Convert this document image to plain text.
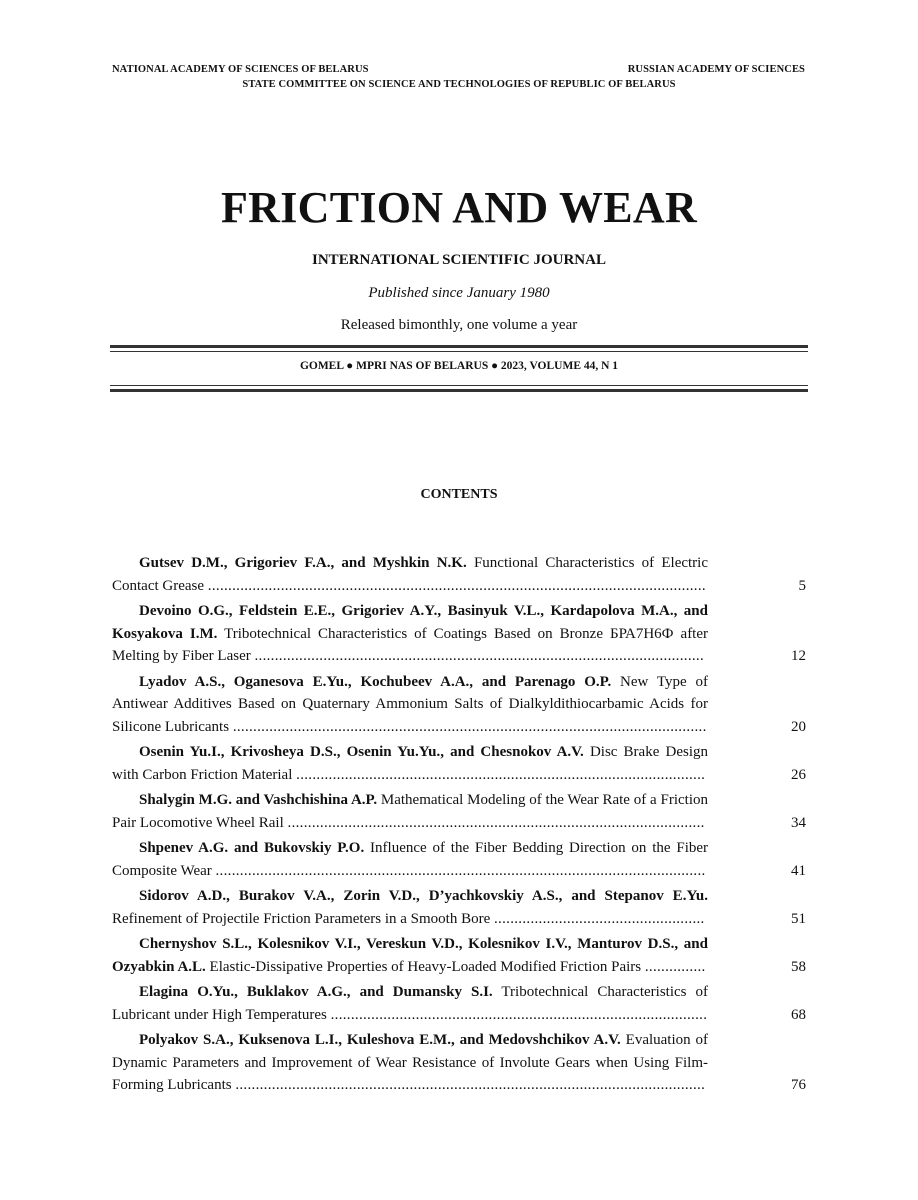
NATIONAL ACADEMY OF SCIENCES OF BELARUS	RUSSIAN ACADEMY OF SCIENCES
STATE COMMITTEE ON SCIENCE AND TECHNOLOGIES OF REPUBLIC OF BELARUS
FRICTION AND WEAR
INTERNATIONAL SCIENTIFIC JOURNAL
Published since January 1980
Released bimonthly, one volume a year
GOMEL ● MPRI NAS OF BELARUS ● 2023, VOLUME 44, N 1
CONTENTS
Gutsev D.M., Grigoriev F.A., and Myshkin N.K. Functional Characteristics of Electric Contact Grease ...........................................................................................................................	5
Devoino O.G., Feldstein E.E., Grigoriev A.Y., Basinyuk V.L., Kardapolova M.A., and Kosyakova I.M. Tribotechnical Characteristics of Coatings Based on Bronze БРА7Н6Ф after Melting by Fiber Laser ...............................................................................................................	12
Lyadov A.S., Oganesova E.Yu., Kochubeev A.A., and Parenago O.P. New Type of Antiwear Additives Based on Quaternary Ammonium Salts of Dialkyldithiocarbamic Acids for Silicone Lubricants .....................................................................................................................	20
Osenin Yu.I., Krivosheya D.S., Osenin Yu.Yu., and Chesnokov A.V. Disc Brake Design with Carbon Friction Material .....................................................................................................	26
Shalygin M.G. and Vashchishina A.P. Mathematical Modeling of the Wear Rate of a Friction Pair Locomotive Wheel Rail .......................................................................................................	34
Shpenev A.G. and Bukovskiy P.O. Influence of the Fiber Bedding Direction on the Fiber Composite Wear .........................................................................................................................	41
Sidorov A.D., Burakov V.A., Zorin V.D., D’yachkovskiy A.S., and Stepanov E.Yu. Refinement of Projectile Friction Parameters in a Smooth Bore ....................................................	51
Chernyshov S.L., Kolesnikov V.I., Vereskun V.D., Kolesnikov I.V., Manturov D.S., and Ozyabkin A.L. Elastic-Dissipative Properties of Heavy-Loaded Modified Friction Pairs ...............	58
Elagina O.Yu., Buklakov A.G., and Dumansky S.I. Tribotechnical Characteristics of Lubricant under High Temperatures .............................................................................................	68
Polyakov S.A., Kuksenova L.I., Kuleshova E.M., and Medovshchikov A.V. Evaluation of Dynamic Parameters and Improvement of Wear Resistance of Involute Gears when Using Film-Forming Lubricants ....................................................................................................................	76
